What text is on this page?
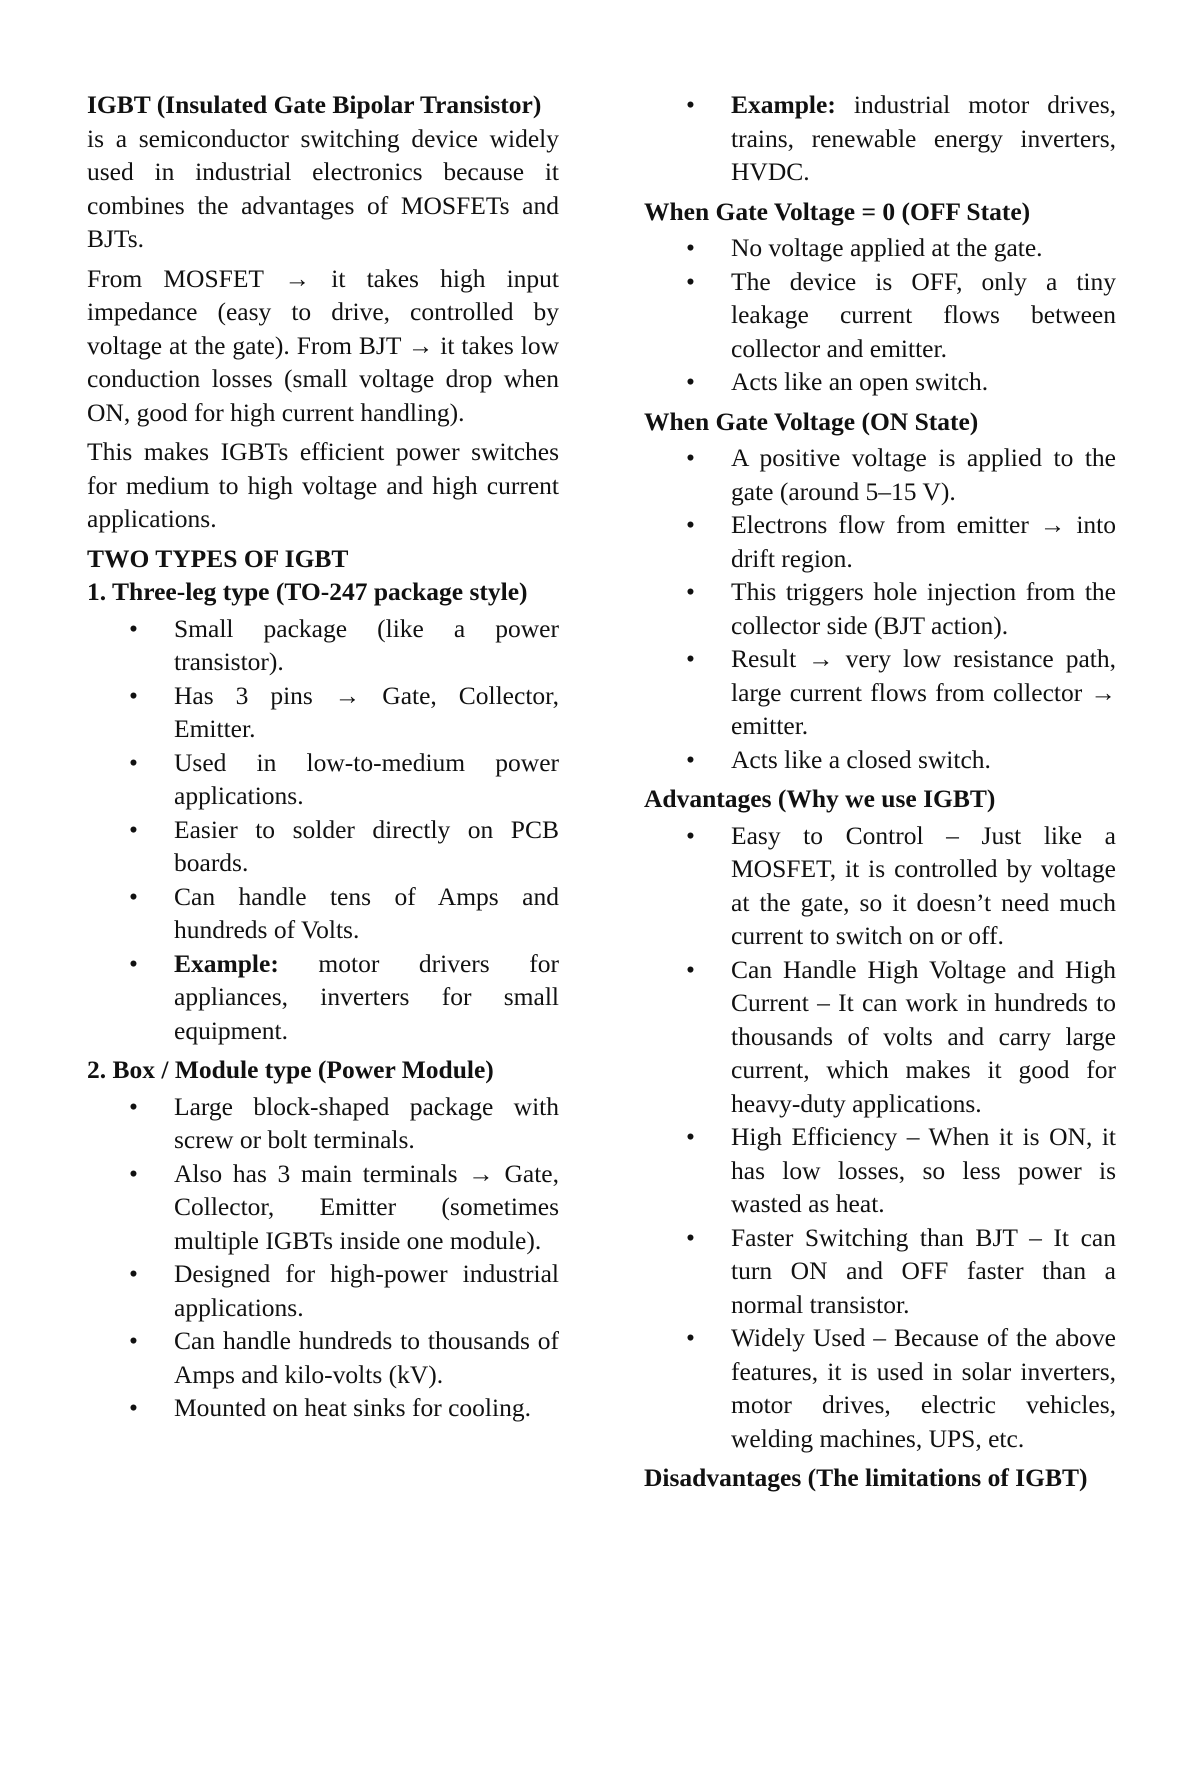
IGBT (Insulated Gate Bipolar Transistor)

is a semiconductor switching device widely used in industrial electronics because it combines the advantages of MOSFETs and BJTs.

From MOSFET → it takes high input impedance (easy to drive, controlled by voltage at the gate). From BJT → it takes low conduction losses (small voltage drop when ON, good for high current handling).

This makes IGBTs efficient power switches for medium to high voltage and high current applications.

TWO TYPES OF IGBT

1. Three-leg type (TO-247 package style)

• Small package (like a power transistor).
• Has 3 pins → Gate, Collector, Emitter.
• Used in low-to-medium power applications.
• Easier to solder directly on PCB boards.
• Can handle tens of Amps and hundreds of Volts.
• Example: motor drivers for appliances, inverters for small equipment.

2. Box / Module type (Power Module)

• Large block-shaped package with screw or bolt terminals.
• Also has 3 main terminals → Gate, Collector, Emitter (sometimes multiple IGBTs inside one module).
• Designed for high-power industrial applications.
• Can handle hundreds to thousands of Amps and kilo-volts (kV).
• Mounted on heat sinks for cooling.
• Example: industrial motor drives, trains, renewable energy inverters, HVDC.

When Gate Voltage = 0 (OFF State)

• No voltage applied at the gate.
• The device is OFF, only a tiny leakage current flows between collector and emitter.
• Acts like an open switch.

When Gate Voltage (ON State)

• A positive voltage is applied to the gate (around 5–15 V).
• Electrons flow from emitter → into drift region.
• This triggers hole injection from the collector side (BJT action).
• Result → very low resistance path, large current flows from collector → emitter.
• Acts like a closed switch.

Advantages (Why we use IGBT)

• Easy to Control – Just like a MOSFET, it is controlled by voltage at the gate, so it doesn’t need much current to switch on or off.
• Can Handle High Voltage and High Current – It can work in hundreds to thousands of volts and carry large current, which makes it good for heavy-duty applications.
• High Efficiency – When it is ON, it has low losses, so less power is wasted as heat.
• Faster Switching than BJT – It can turn ON and OFF faster than a normal transistor.
• Widely Used – Because of the above features, it is used in solar inverters, motor drives, electric vehicles, welding machines, UPS, etc.

Disadvantages (The limitations of IGBT)
